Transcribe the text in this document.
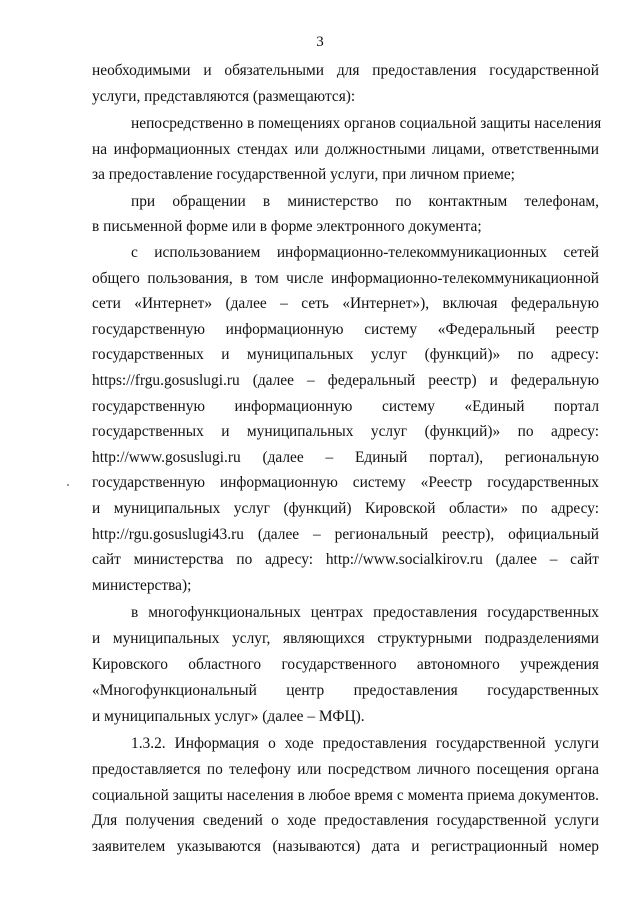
3
необходимыми и обязательными для предоставления государственной
услуги, представляются (размещаются):
непосредственно в помещениях органов социальной защиты населения
на информационных стендах или должностными лицами, ответственными
за предоставление государственной услуги, при личном приеме;
при обращении в министерство по контактным телефонам,
в письменной форме или в форме электронного документа;
с использованием информационно-телекоммуникационных сетей
общего пользования, в том числе информационно-телекоммуникационной
сети «Интернет» (далее – сеть «Интернет»), включая федеральную
государственную информационную систему «Федеральный реестр
государственных и муниципальных услуг (функций)» по адресу:
https://frgu.gosuslugi.ru (далее – федеральный реестр) и федеральную
государственную информационную систему «Единый портал
государственных и муниципальных услуг (функций)» по адресу:
http://www.gosuslugi.ru (далее – Единый портал), региональную
государственную информационную систему «Реестр государственных
и муниципальных услуг (функций) Кировской области» по адресу:
http://rgu.gosuslugi43.ru (далее – региональный реестр), официальный
сайт министерства по адресу: http://www.socialkirov.ru (далее – сайт
министерства);
в многофункциональных центрах предоставления государственных
и муниципальных услуг, являющихся структурными подразделениями
Кировского областного государственного автономного учреждения
«Многофункциональный центр предоставления государственных
и муниципальных услуг» (далее – МФЦ).
1.3.2. Информация о ходе предоставления государственной услуги
предоставляется по телефону или посредством личного посещения органа
социальной защиты населения в любое время с момента приема документов.
Для получения сведений о ходе предоставления государственной услуги
заявителем указываются (называются) дата и регистрационный номер
